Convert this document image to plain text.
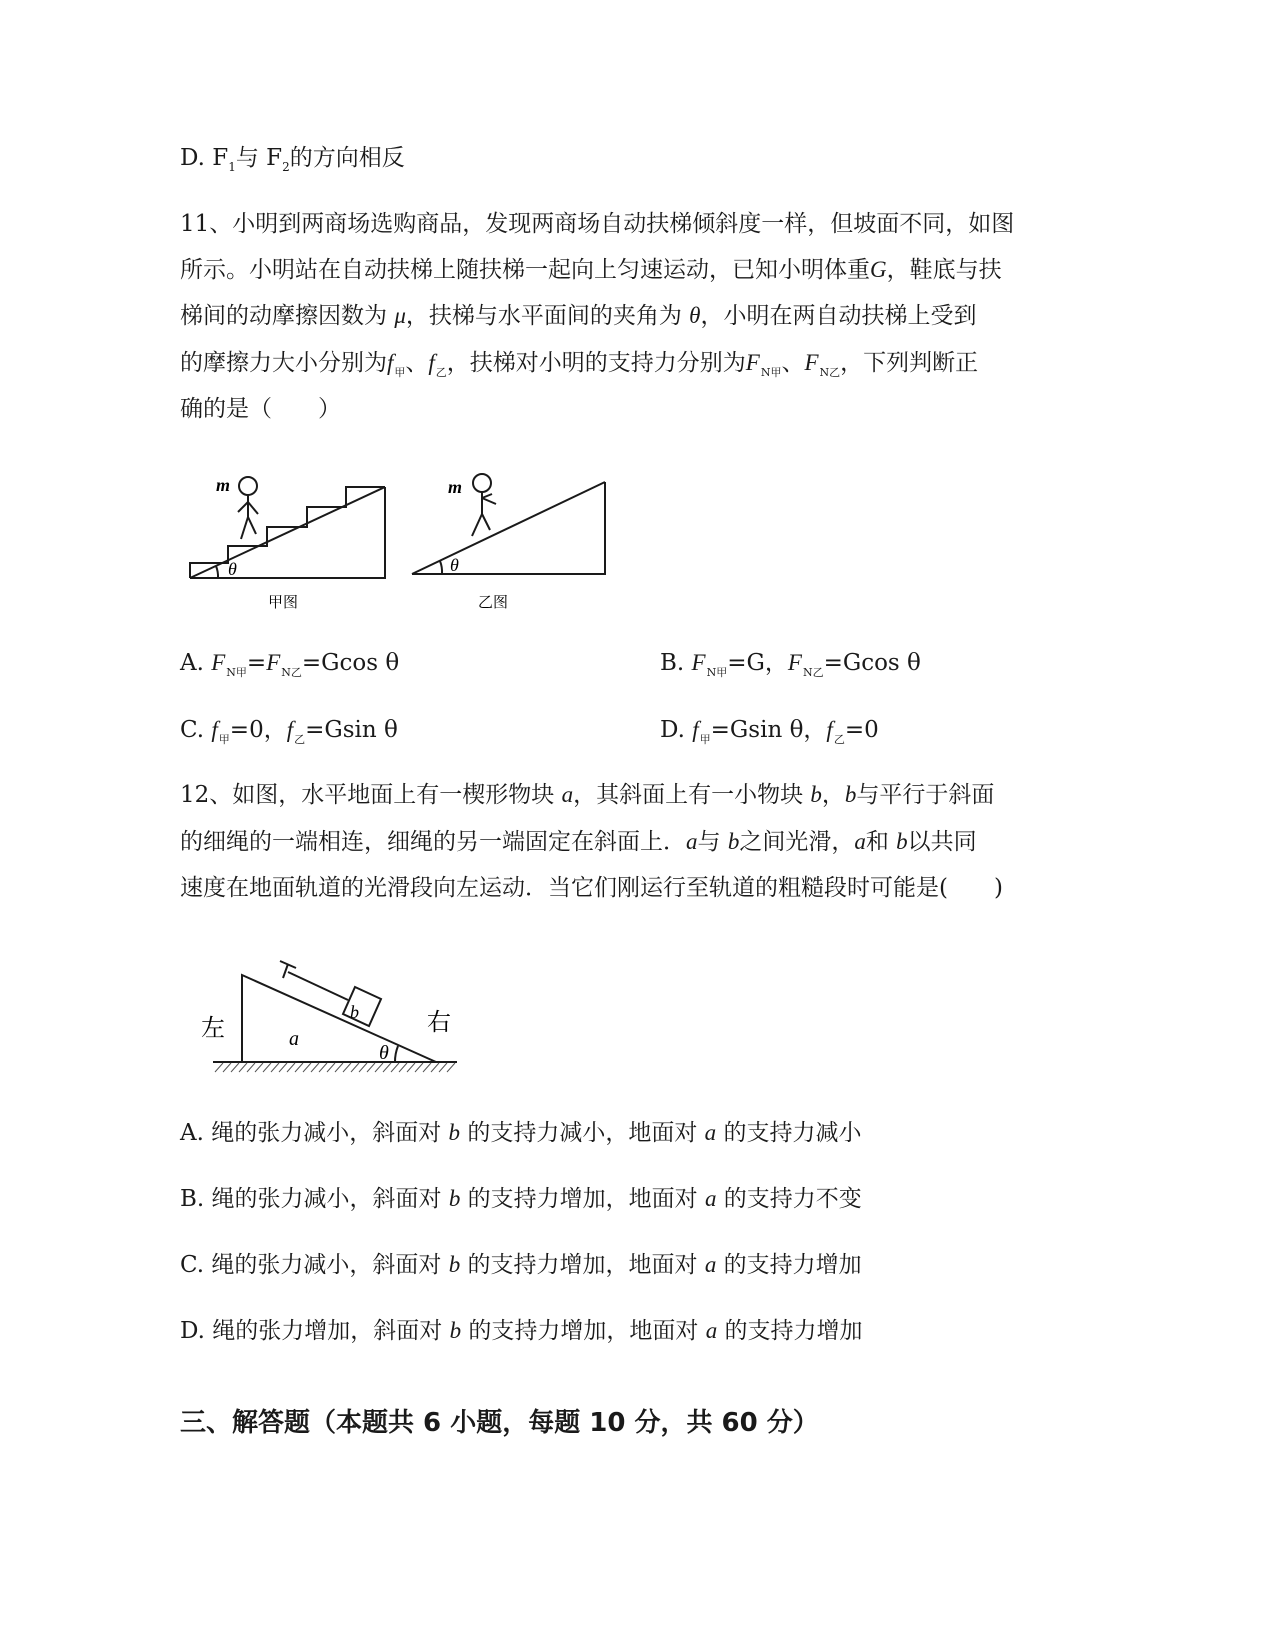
D. $F_1$与 $F_2$的方向相反
11、小明到两商场选购商品，发现两商场自动扶梯倾斜度一样，但坡面不同，如图
所示。小明站在自动扶梯上随扶梯一起向上匀速运动，已知小明体重G，鞋底与扶
梯间的动摩擦因数为 μ，扶梯与水平面间的夹角为 θ，小明在两自动扶梯上受到
的摩擦力大小分别为$f_甲$、$f_乙$，扶梯对小明的支持力分别为$F_{N甲}$、$F_{N乙}$，下列判断正
确的是（　　）
m
θ
甲图
m
θ
乙图
A. $F_{N甲}=F_{N乙}=Gcos$ θ	B. $F_{N甲}=G$，$F_{N乙}=Gcos$ θ
C. $f_甲=0$，$f_乙=Gsin$ θ	D. $f_甲=Gsin$ θ，$f_乙=0$
12、如图，水平地面上有一楔形物块 a，其斜面上有一小物块 b，b与平行于斜面
的细绳的一端相连，细绳的另一端固定在斜面上．a与 b之间光滑，a和 b以共同
速度在地面轨道的光滑段向左运动．当它们刚运行至轨道的粗糙段时可能是(　　)
左	右
a
b
θ
A. 绳的张力减小，斜面对 b 的支持力减小，地面对 a 的支持力减小
B. 绳的张力减小，斜面对 b 的支持力增加，地面对 a 的支持力不变
C. 绳的张力减小，斜面对 b 的支持力增加，地面对 a 的支持力增加
D. 绳的张力增加，斜面对 b 的支持力增加，地面对 a 的支持力增加
三、解答题（本题共 6 小题，每题 10 分，共 60 分）
